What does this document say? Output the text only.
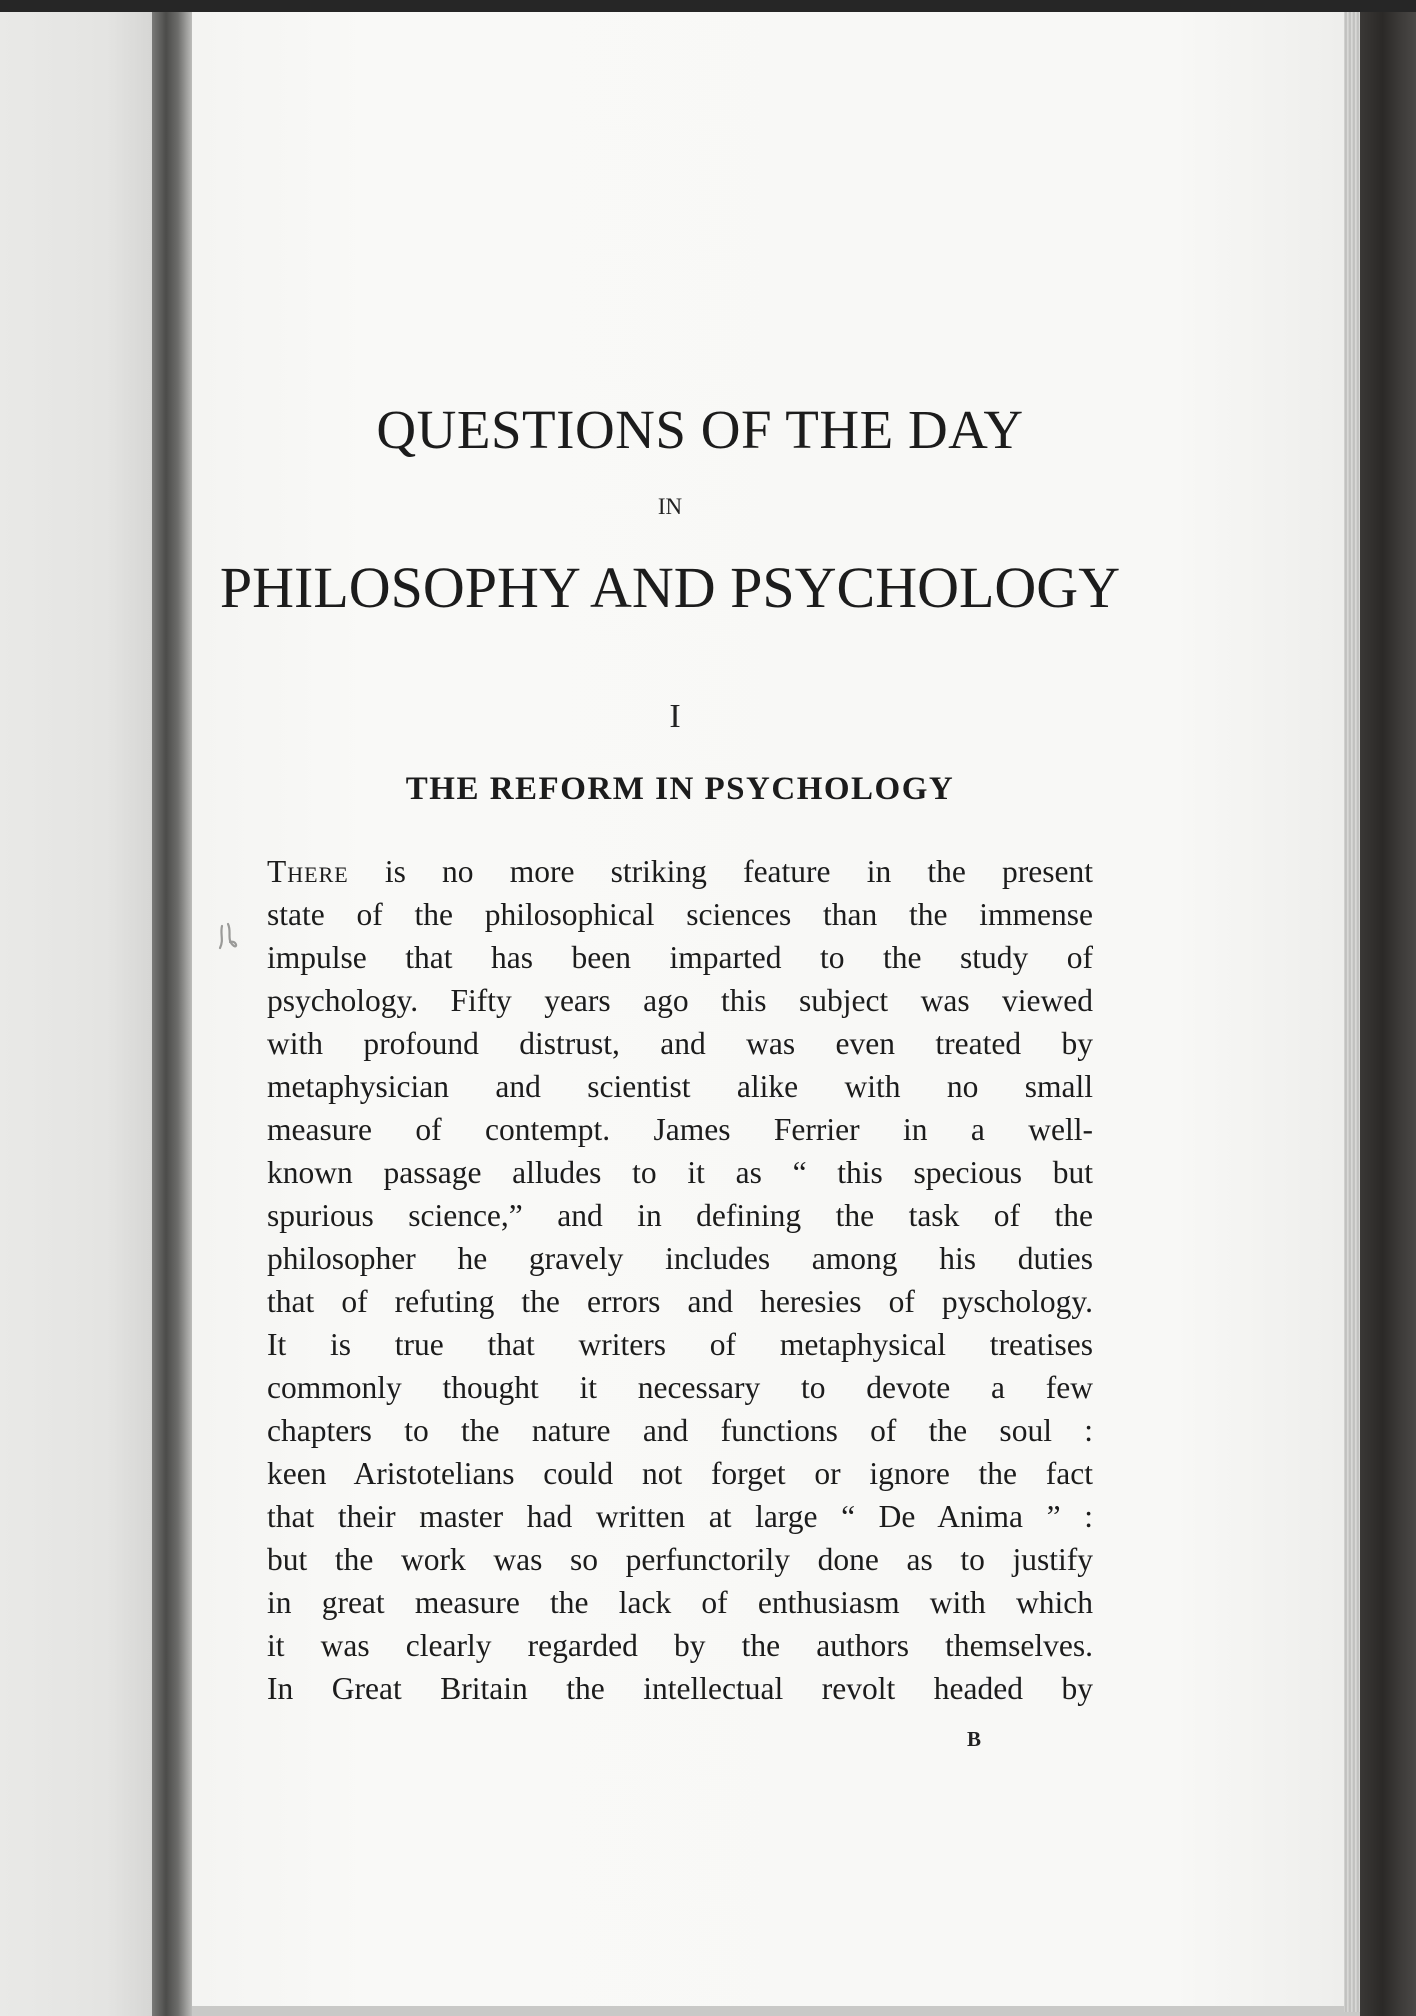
QUESTIONS OF THE DAY
IN
PHILOSOPHY AND PSYCHOLOGY
I
THE REFORM IN PSYCHOLOGY
There is no more striking feature in the present
state of the philosophical sciences than the immense
impulse that has been imparted to the study of
psychology. Fifty years ago this subject was viewed
with profound distrust, and was even treated by
metaphysician and scientist alike with no small
measure of contempt. James Ferrier in a well-
known passage alludes to it as “ this specious but
spurious science,” and in defining the task of the
philosopher he gravely includes among his duties
that of refuting the errors and heresies of pyschology.
It is true that writers of metaphysical treatises
commonly thought it necessary to devote a few
chapters to the nature and functions of the soul :
keen Aristotelians could not forget or ignore the fact
that their master had written at large “ De Anima ” :
but the work was so perfunctorily done as to justify
in great measure the lack of enthusiasm with which
it was clearly regarded by the authors themselves.
In Great Britain the intellectual revolt headed by
B
